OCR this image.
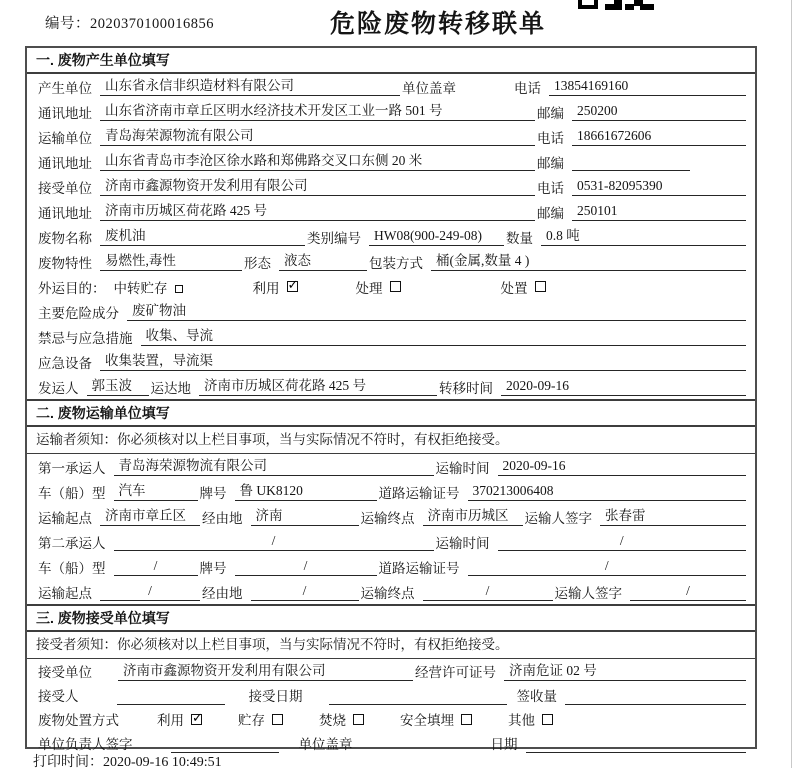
编号：2020370100016856	危险废物转移联单
一. 废物产生单位填写
产生单位 山东省永信非织造材料有限公司	单位盖章	电话 13854169160
通讯地址 山东省济南市章丘区明水经济技术开发区工业一路 501 号	邮编 250200
运输单位 青岛海荣源物流有限公司	电话 18661672606
通讯地址 山东省青岛市李沧区徐水路和郑佛路交叉口东侧 20 米	邮编
接受单位 济南市鑫源物资开发利用有限公司	电话 0531-82095390
通讯地址 济南市历城区荷花路 425 号	邮编 250101
废物名称 废机油	类别编号 HW08(900-249-08)	数量 0.8 吨
废物特性 易燃性,毒性	形态 液态	包装方式 桶(金属,数量 4 )
外运目的： 中转贮存	利用 ✓	处理	处置
主要危险成分 废矿物油
禁忌与应急措施 收集、导流
应急设备 收集装置，导流渠
发运人 郭玉波	运达地 济南市历城区荷花路 425 号	转移时间 2020-09-16
二. 废物运输单位填写
运输者须知：你必须核对以上栏目事项，当与实际情况不符时，有权拒绝接受。
第一承运人 青岛海荣源物流有限公司	运输时间 2020-09-16
车（船）型 汽车	牌号 鲁 UK8120	道路运输证号 370213006408
运输起点 济南市章丘区	经由地 济南	运输终点 济南市历城区	运输人签字 张春雷
第二承运人	/	运输时间	/
车（船）型	/	牌号	/	道路运输证号	/
运输起点	/	经由地	/	运输终点	/	运输人签字	/
三. 废物接受单位填写
接受者须知：你必须核对以上栏目事项，当与实际情况不符时，有权拒绝接受。
接受单位	济南市鑫源物资开发利用有限公司	经营许可证号 济南危证 02 号
接受人	接受日期	签收量
废物处置方式	利用 ✓	贮存	焚烧	安全填埋	其他
单位负责人签字	单位盖章	日期
打印时间：2020-09-16 10:49:51
